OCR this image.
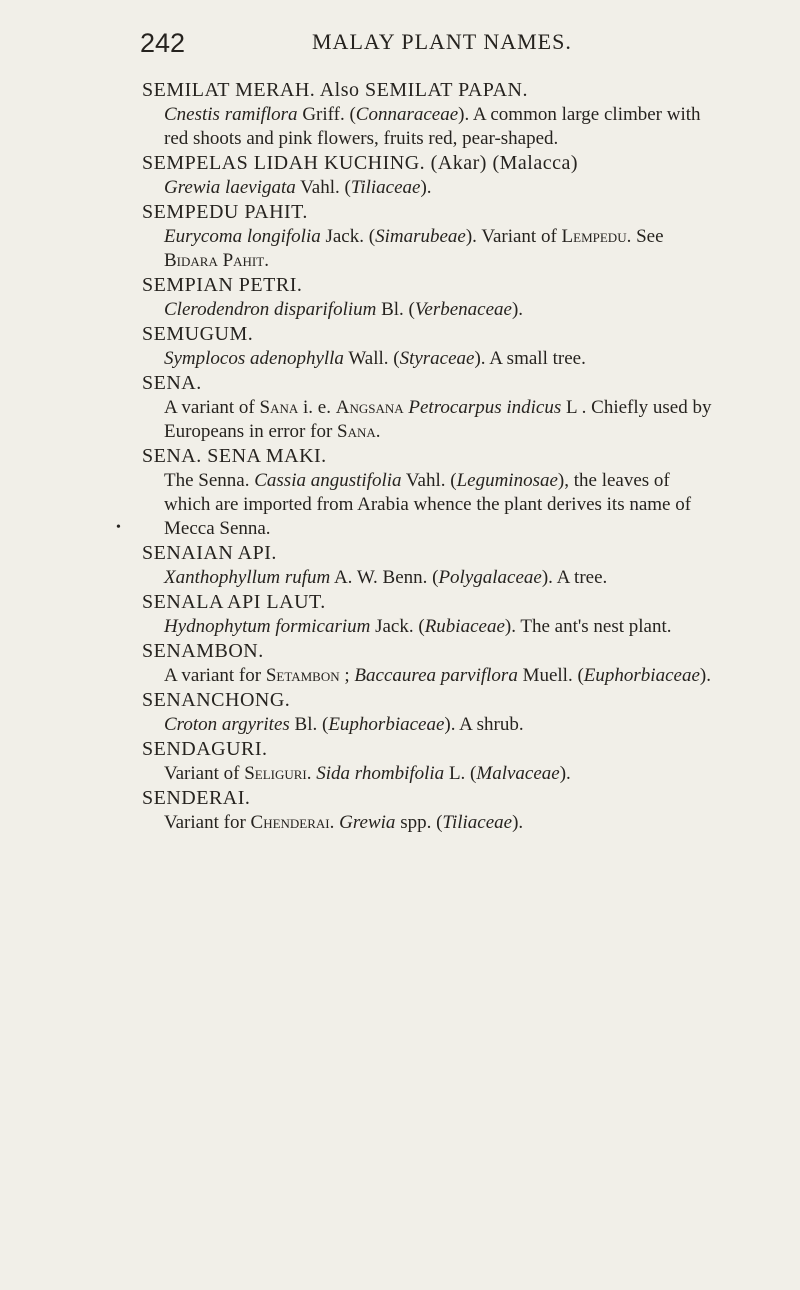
242	MALAY PLANT NAMES.
•
SEMILAT MERAH. Also SEMILAT PAPAN.
Cnestis ramiflora Griff. (Connaraceae). A common large climber with red shoots and pink flowers, fruits red, pear-shaped.
SEMPELAS LIDAH KUCHING. (Akar) (Malacca)
Grewia laevigata Vahl. (Tiliaceae).
SEMPEDU PAHIT.
Eurycoma longifolia Jack. (Simarubeae). Variant of Lempedu. See Bidara Pahit.
SEMPIAN PETRI.
Clerodendron disparifolium Bl. (Verbenaceae).
SEMUGUM.
Symplocos adenophylla Wall. (Styraceae). A small tree.
SENA.
A variant of Sana i. e. Angsana Petrocarpus indicus L . Chiefly used by Europeans in error for Sana.
SENA. SENA MAKI.
The Senna. Cassia angustifolia Vahl. (Leguminosae), the leaves of which are imported from Arabia whence the plant derives its name of Mecca Senna.
SENAIAN API.
Xanthophyllum rufum A. W. Benn. (Polygalaceae). A tree.
SENALA API LAUT.
Hydnophytum formicarium Jack. (Rubiaceae). The ant's nest plant.
SENAMBON.
A variant for Setambon ; Baccaurea parviflora Muell. (Euphorbiaceae).
SENANCHONG.
Croton argyrites Bl. (Euphorbiaceae). A shrub.
SENDAGURI.
Variant of Seliguri. Sida rhombifolia L. (Malvaceae).
SENDERAI.
Variant for Chenderai. Grewia spp. (Tiliaceae).
